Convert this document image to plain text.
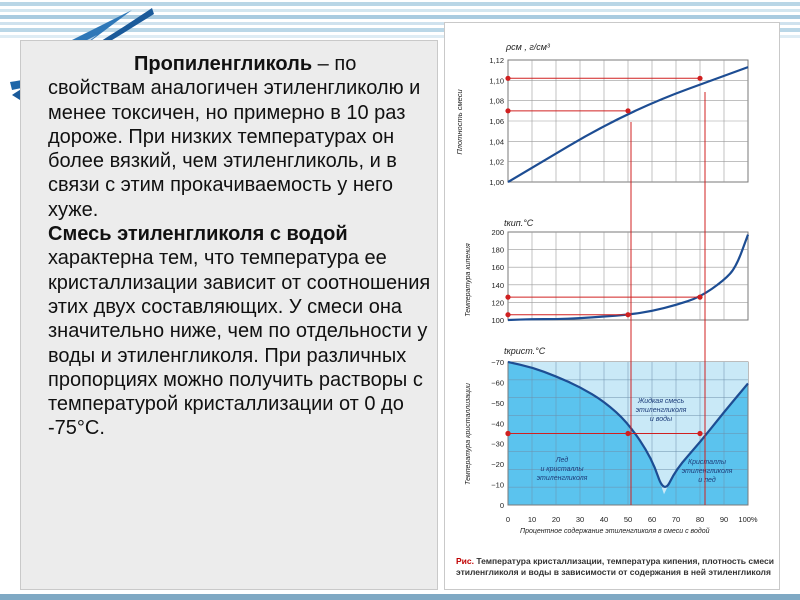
Пропиленгликоль – по свойствам аналогичен этиленгликолю и менее токсичен, но примерно в 10 раз дороже. При низких температурах он более вязкий, чем этиленгликоль, и в связи с этим прокачиваемость у него хуже.

Смесь этиленгликоля с водой характерна тем, что температура ее кристаллизации зависит от соотношения этих двух составляющих. У смеси она значительно ниже, чем по отдельности у воды и этиленгликоля. При различных пропорциях можно получить растворы с температурой кристаллизации от 0 до -75°С.

ρсм , г/см³
Плотность смеси
1,00
1,02
1,04
1,06
1,08
1,10
1,12
tкип.°С
Температура кипения
100
120
140
160
180
200
tкрист.°С
Температура кристаллизации
0
−10
−20
−30
−40
−50
−60
−70
Жидкая смесь
этиленгликоля
и воды
Лед
и кристаллы
этиленгликоля
Кристаллы
этиленгликоля
и лед
0 10 20 30 40 50 60 70 80 90 100%
Процентное содержание этиленгликоля в смеси с водой
Рис. Температура кристаллизации, температура кипения, плотность смеси этиленгликоля и воды в зависимости от содержания в ней этиленгликоля
